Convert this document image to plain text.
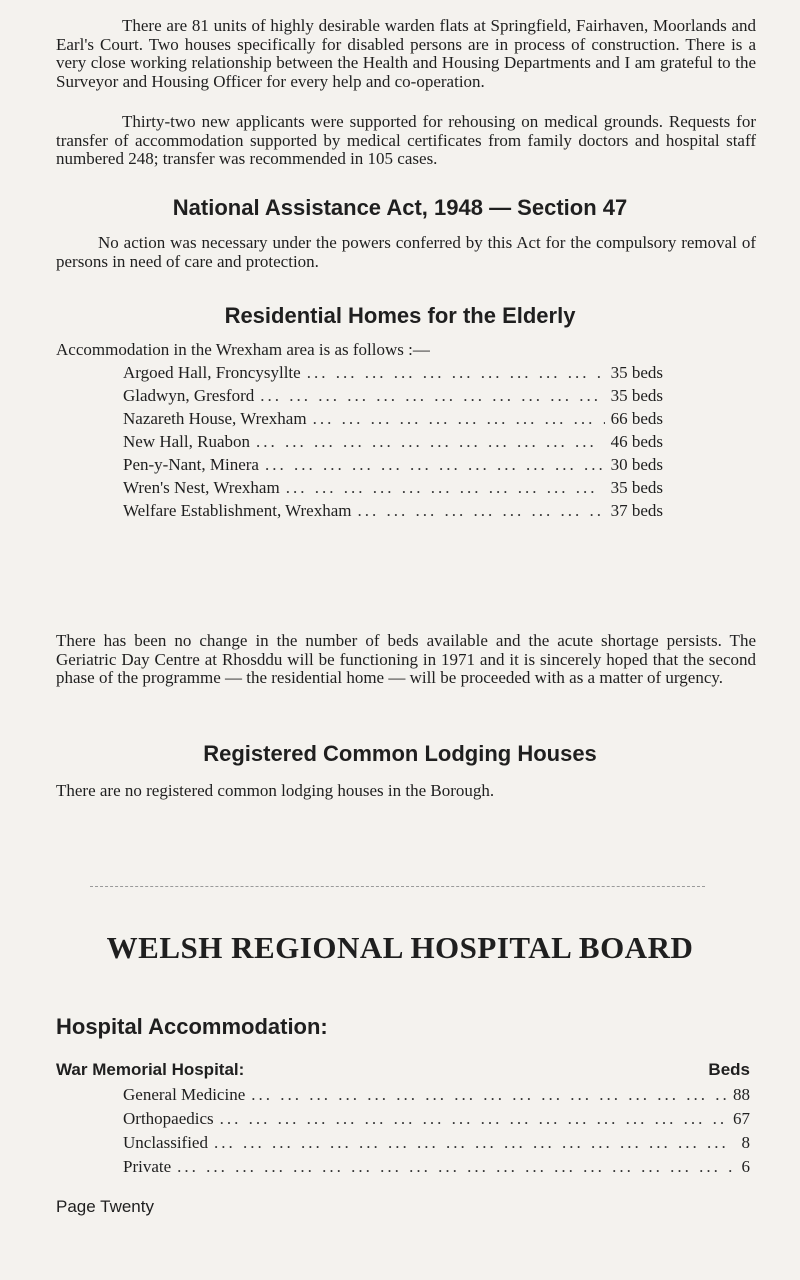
There are 81 units of highly desirable warden flats at Springfield, Fairhaven, Moorlands and Earl's Court. Two houses specifically for disabled persons are in process of construction. There is a very close working relationship between the Health and Housing Departments and I am grateful to the Surveyor and Housing Officer for every help and co-operation.

Thirty-two new applicants were supported for rehousing on medical grounds. Requests for transfer of accommodation supported by medical certificates from family doctors and hospital staff numbered 248; transfer was recommended in 105 cases.

National Assistance Act, 1948 — Section 47

No action was necessary under the powers conferred by this Act for the compulsory removal of persons in need of care and protection.

Residential Homes for the Elderly

Accommodation in the Wrexham area is as follows :—

Argoed Hall, Froncysyllte ... .	35 beds
Gladwyn, Gresford ... .	35 beds
Nazareth House, Wrexham ... .	66 beds
New Hall, Ruabon ... .	46 beds
Pen-y-Nant, Minera ... .	30 beds
Wren's Nest, Wrexham ... .	35 beds
Welfare Establishment, Wrexham ... .	37 beds

There has been no change in the number of beds available and the acute shortage persists. The Geriatric Day Centre at Rhosddu will be functioning in 1971 and it is sincerely hoped that the second phase of the programme — the residential home — will be proceeded with as a matter of urgency.

Registered Common Lodging Houses

There are no registered common lodging houses in the Borough.

WELSH REGIONAL HOSPITAL BOARD
Hospital Accommodation:
War Memorial Hospital:	Beds
General Medicine ... .	88
Orthopaedics ... .	67
Unclassified ... .	8
Private ... .	6

Page Twenty
